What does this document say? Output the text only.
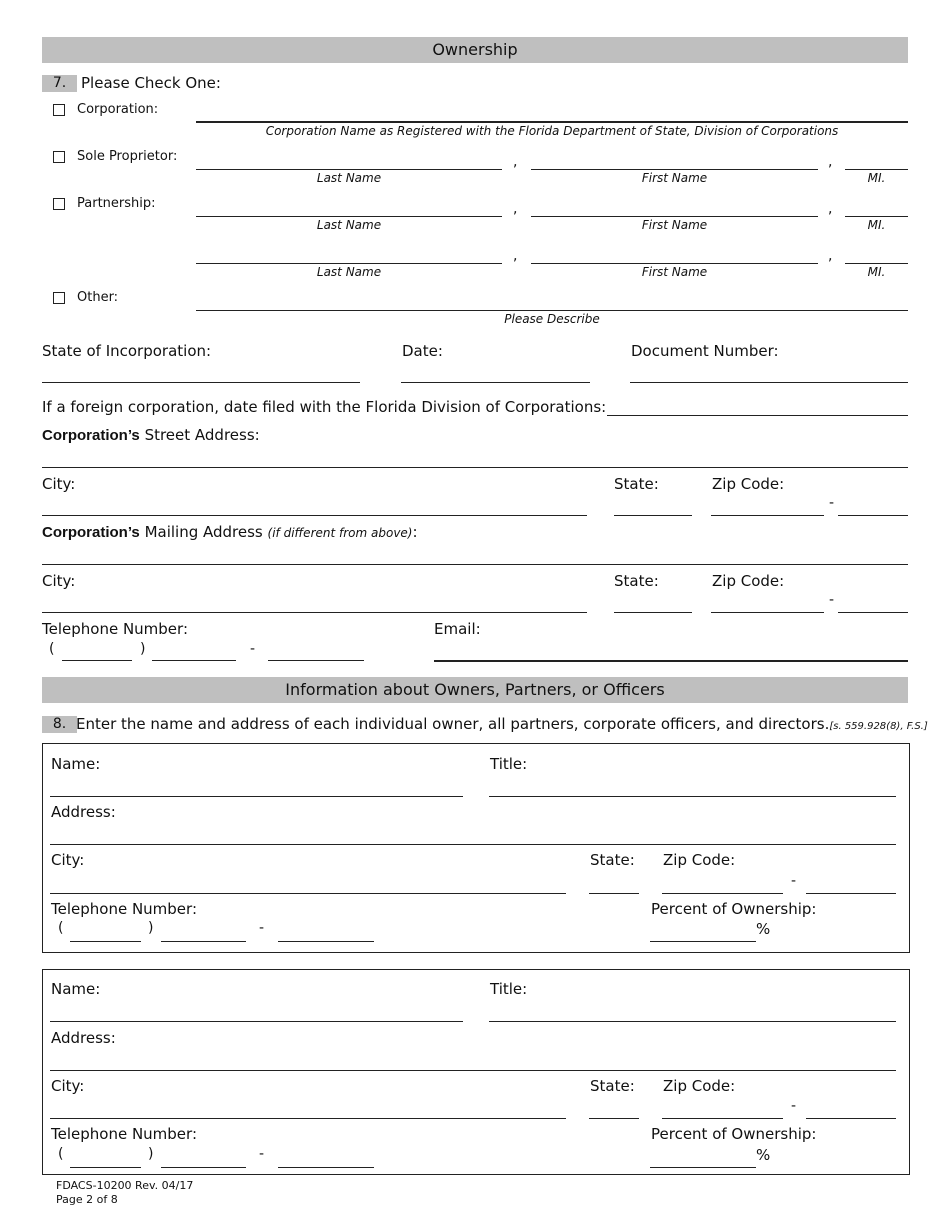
Ownership
7. Please Check One:
Corporation:
Corporation Name as Registered with the Florida Department of State, Division of Corporations
Sole Proprietor:	,	,
Last Name	First Name	MI.
Partnership:	,	,
Last Name	First Name	MI.
,	,
Last Name	First Name	MI.
Other:
Please Describe
State of Incorporation:	Date:	Document Number:
If a foreign corporation, date filed with the Florida Division of Corporations:
Corporation’s Street Address:
City:	State:	Zip Code:
-
Corporation’s Mailing Address (if different from above):
City:	State:	Zip Code:
-
Telephone Number:	Email:
(	)	-
Information about Owners, Partners, or Officers
8. Enter the name and address of each individual owner, all partners, corporate officers, and directors.[s. 559.928(8), F.S.]
Name:	Title:
Address:
City:	State: Zip Code:
-
Telephone Number:	Percent of Ownership:
(	)	-	%
Name:	Title:
Address:
City:	State: Zip Code:
-
Telephone Number:	Percent of Ownership:
(	)	-	%
FDACS-10200 Rev. 04/17
Page 2 of 8
